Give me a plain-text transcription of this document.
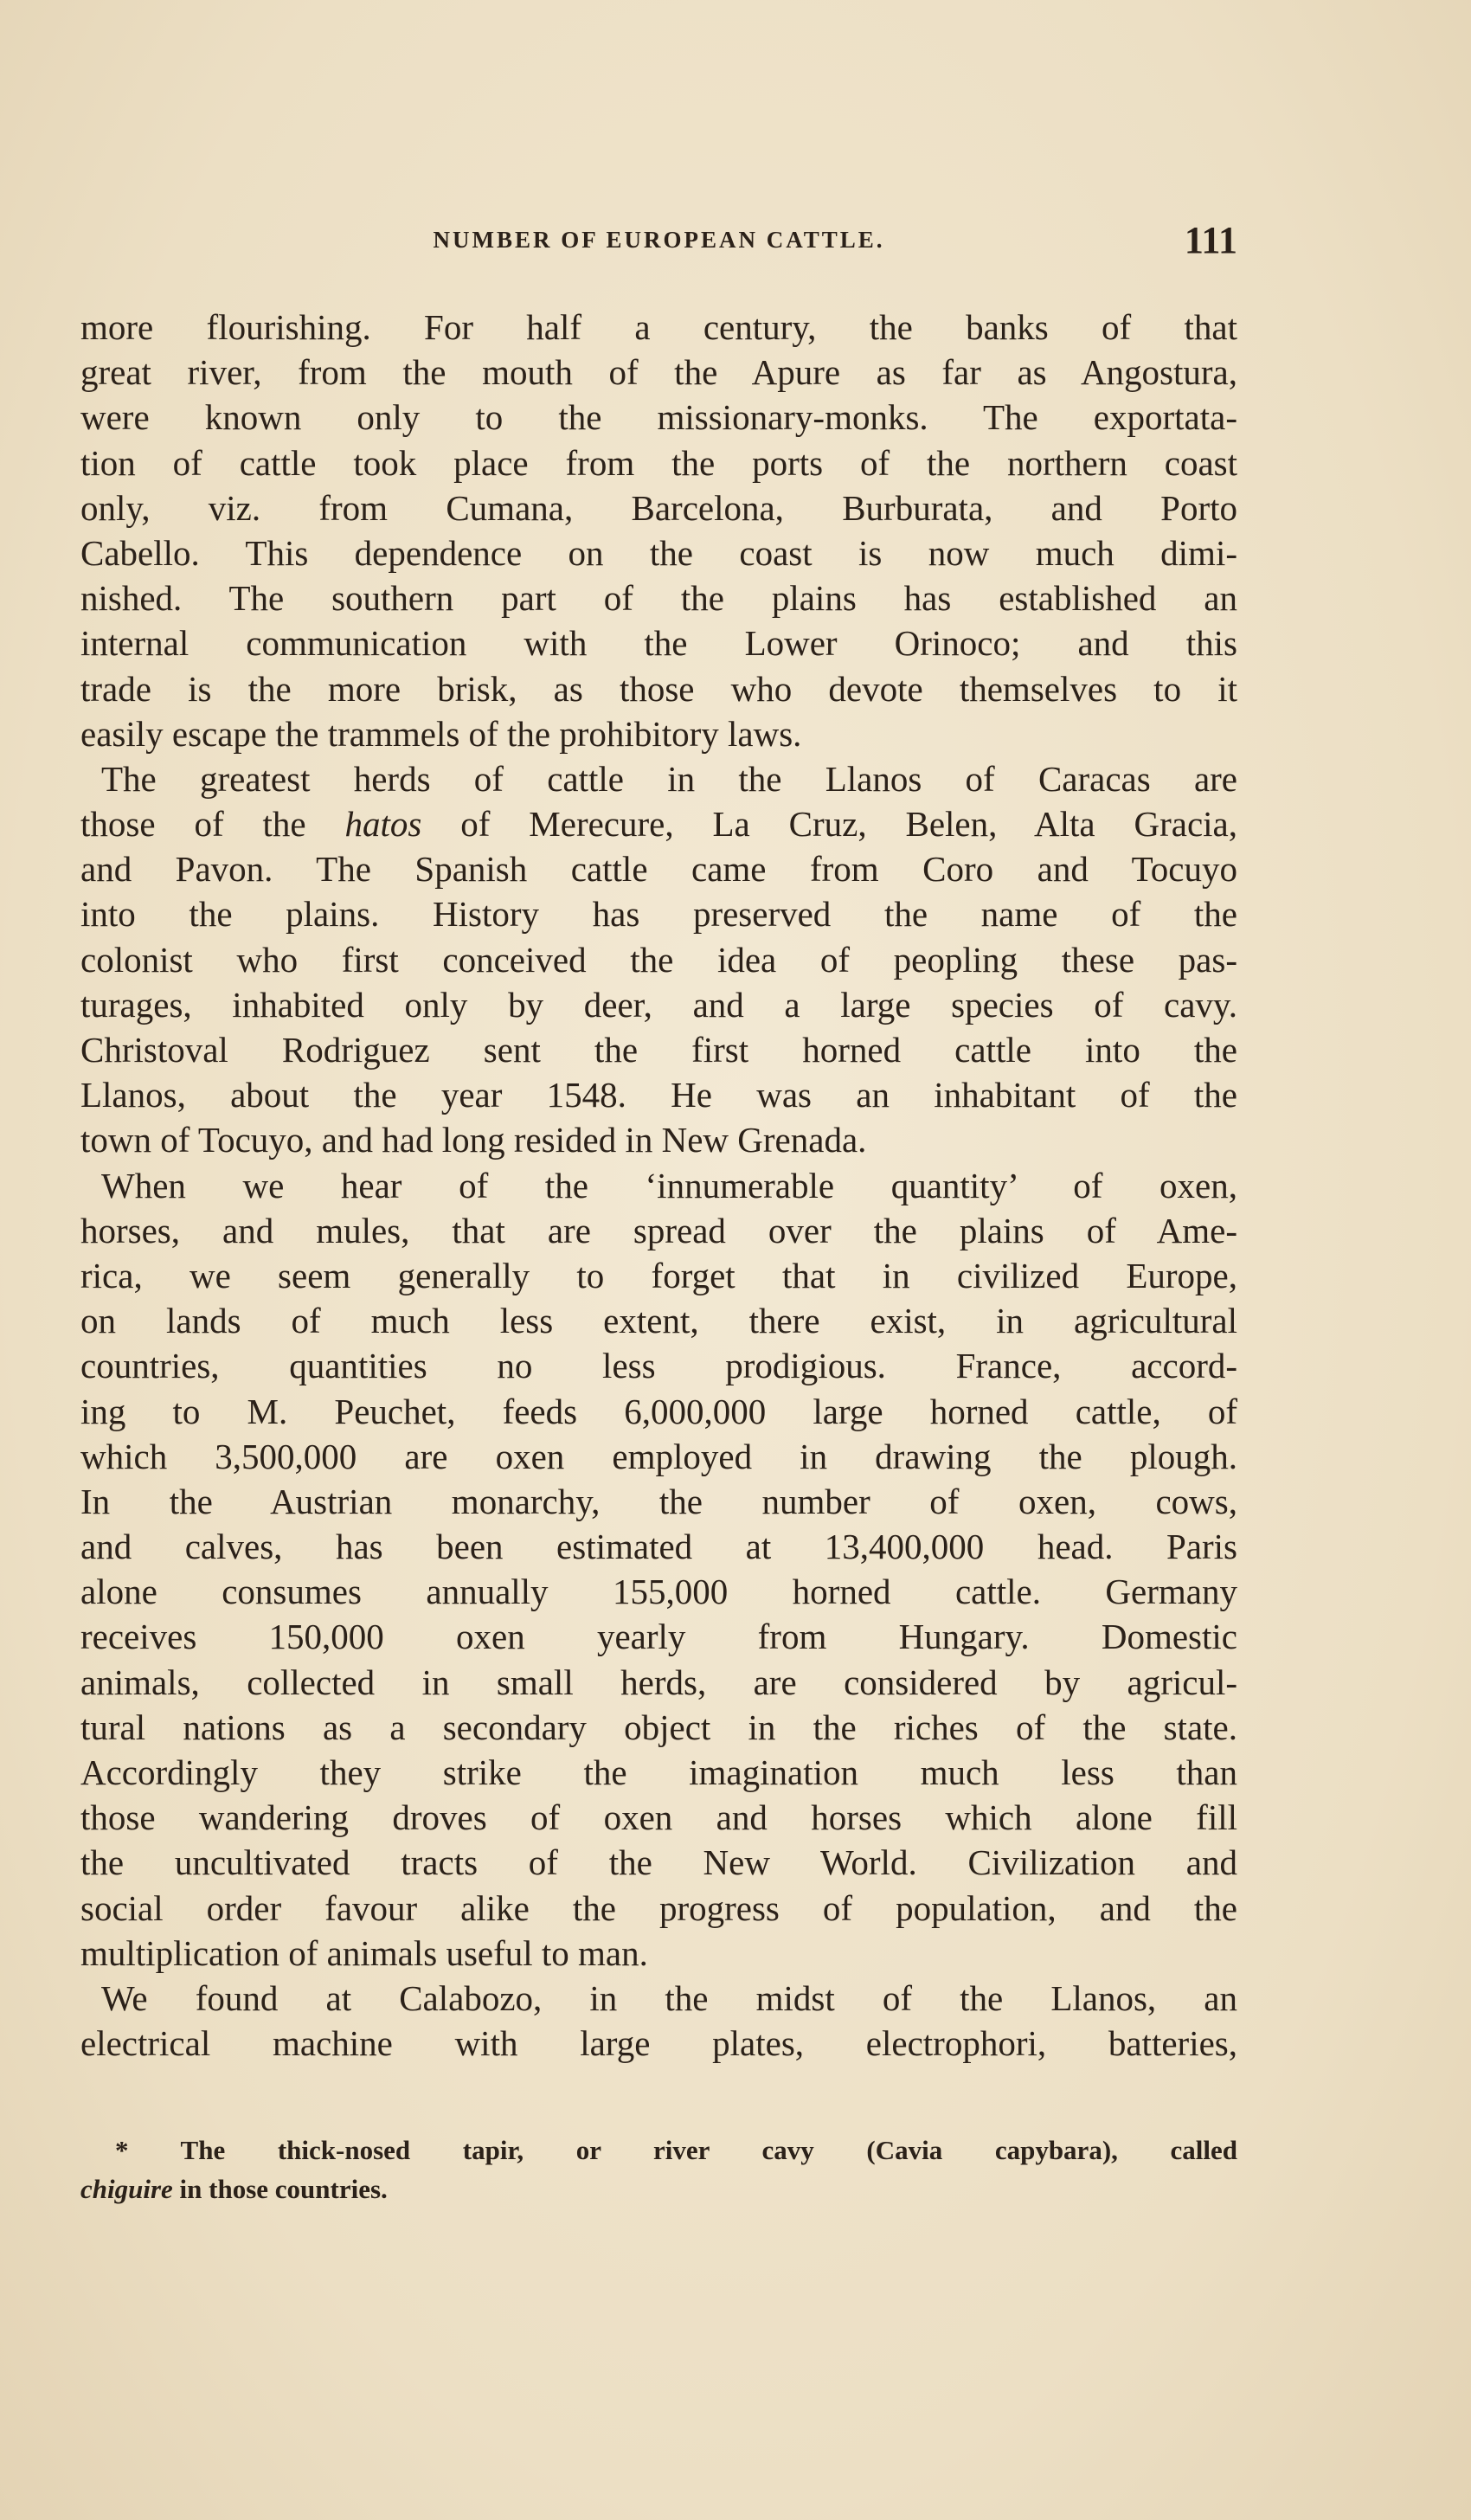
NUMBER OF EUROPEAN CATTLE.	111
more flourishing. For half a century, the banks of that
great river, from the mouth of the Apure as far as Angostura,
were known only to the missionary-monks. The exportata-
tion of cattle took place from the ports of the northern coast
only, viz. from Cumana, Barcelona, Burburata, and Porto
Cabello. This dependence on the coast is now much dimi-
nished. The southern part of the plains has established an
internal communication with the Lower Orinoco; and this
trade is the more brisk, as those who devote themselves to it
easily escape the trammels of the prohibitory laws.
The greatest herds of cattle in the Llanos of Caracas are
those of the hatos of Merecure, La Cruz, Belen, Alta Gracia,
and Pavon. The Spanish cattle came from Coro and Tocuyo
into the plains. History has preserved the name of the
colonist who first conceived the idea of peopling these pas-
turages, inhabited only by deer, and a large species of cavy.
Christoval Rodriguez sent the first horned cattle into the
Llanos, about the year 1548. He was an inhabitant of the
town of Tocuyo, and had long resided in New Grenada.
When we hear of the ‘innumerable quantity’ of oxen,
horses, and mules, that are spread over the plains of Ame-
rica, we seem generally to forget that in civilized Europe,
on lands of much less extent, there exist, in agricultural
countries, quantities no less prodigious. France, accord-
ing to M. Peuchet, feeds 6,000,000 large horned cattle, of
which 3,500,000 are oxen employed in drawing the plough.
In the Austrian monarchy, the number of oxen, cows,
and calves, has been estimated at 13,400,000 head. Paris
alone consumes annually 155,000 horned cattle. Germany
receives 150,000 oxen yearly from Hungary. Domestic
animals, collected in small herds, are considered by agricul-
tural nations as a secondary object in the riches of the state.
Accordingly they strike the imagination much less than
those wandering droves of oxen and horses which alone fill
the uncultivated tracts of the New World. Civilization and
social order favour alike the progress of population, and the
multiplication of animals useful to man.
We found at Calabozo, in the midst of the Llanos, an
electrical machine with large plates, electrophori, batteries,
* The thick-nosed tapir, or river cavy (Cavia capybara), called
chiguire in those countries.
